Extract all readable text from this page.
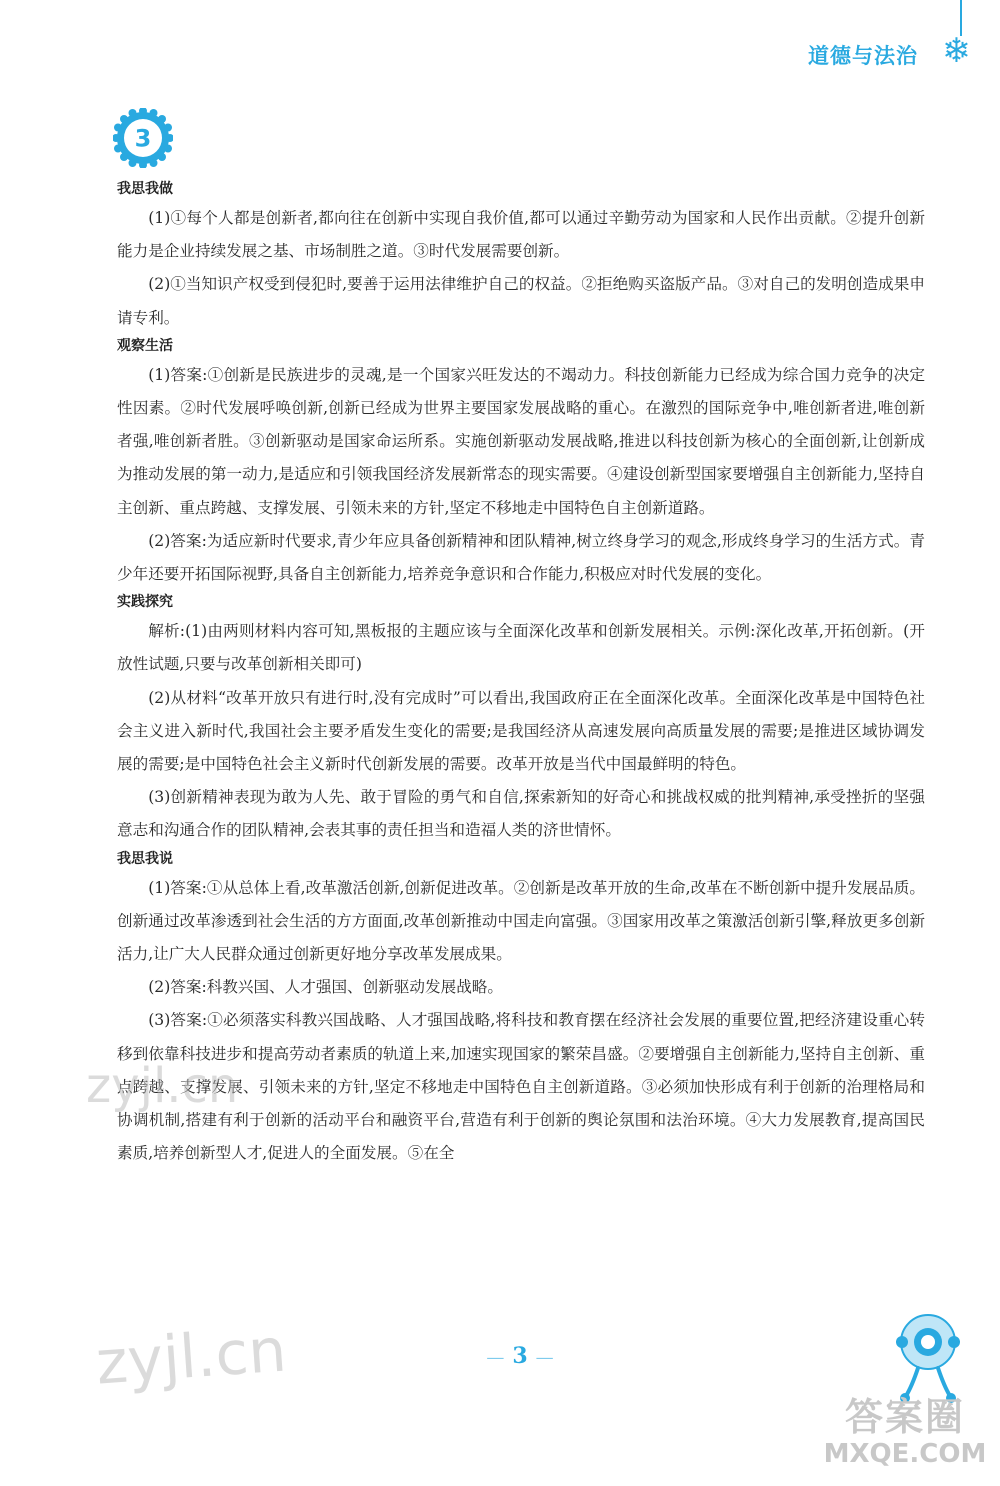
道德与法治 ❄
3
我思我做

(1)①每个人都是创新者,都向往在创新中实现自我价值,都可以通过辛勤劳动为国家和人民作出贡献。②提升创新能力是企业持续发展之基、市场制胜之道。③时代发展需要创新。

(2)①当知识产权受到侵犯时,要善于运用法律维护自己的权益。②拒绝购买盗版产品。③对自己的发明创造成果申请专利。

观察生活

(1)答案:①创新是民族进步的灵魂,是一个国家兴旺发达的不竭动力。科技创新能力已经成为综合国力竞争的决定性因素。②时代发展呼唤创新,创新已经成为世界主要国家发展战略的重心。在激烈的国际竞争中,唯创新者进,唯创新者强,唯创新者胜。③创新驱动是国家命运所系。实施创新驱动发展战略,推进以科技创新为核心的全面创新,让创新成为推动发展的第一动力,是适应和引领我国经济发展新常态的现实需要。④建设创新型国家要增强自主创新能力,坚持自主创新、重点跨越、支撑发展、引领未来的方针,坚定不移地走中国特色自主创新道路。

(2)答案:为适应新时代要求,青少年应具备创新精神和团队精神,树立终身学习的观念,形成终身学习的生活方式。青少年还要开拓国际视野,具备自主创新能力,培养竞争意识和合作能力,积极应对时代发展的变化。

实践探究

解析:(1)由两则材料内容可知,黑板报的主题应该与全面深化改革和创新发展相关。示例:深化改革,开拓创新。(开放性试题,只要与改革创新相关即可)

(2)从材料“改革开放只有进行时,没有完成时”可以看出,我国政府正在全面深化改革。全面深化改革是中国特色社会主义进入新时代,我国社会主要矛盾发生变化的需要;是我国经济从高速发展向高质量发展的需要;是推进区域协调发展的需要;是中国特色社会主义新时代创新发展的需要。改革开放是当代中国最鲜明的特色。

(3)创新精神表现为敢为人先、敢于冒险的勇气和自信,探索新知的好奇心和挑战权威的批判精神,承受挫折的坚强意志和沟通合作的团队精神,会表其事的责任担当和造福人类的济世情怀。

我思我说

(1)答案:①从总体上看,改革激活创新,创新促进改革。②创新是改革开放的生命,改革在不断创新中提升发展品质。创新通过改革渗透到社会生活的方方面面,改革创新推动中国走向富强。③国家用改革之策激活创新引擎,释放更多创新活力,让广大人民群众通过创新更好地分享改革发展成果。

(2)答案:科教兴国、人才强国、创新驱动发展战略。

(3)答案:①必须落实科教兴国战略、人才强国战略,将科技和教育摆在经济社会发展的重要位置,把经济建设重心转移到依靠科技进步和提高劳动者素质的轨道上来,加速实现国家的繁荣昌盛。②要增强自主创新能力,坚持自主创新、重点跨越、支撑发展、引领未来的方针,坚定不移地走中国特色自主创新道路。③必须加快形成有利于创新的治理格局和协调机制,搭建有利于创新的活动平台和融资平台,营造有利于创新的舆论氛围和法治环境。④大力发展教育,提高国民素质,培养创新型人才,促进人的全面发展。⑤在全

zyjl.cn
zyjl.cn	— 3 —
答案圈
MXQE.COM
